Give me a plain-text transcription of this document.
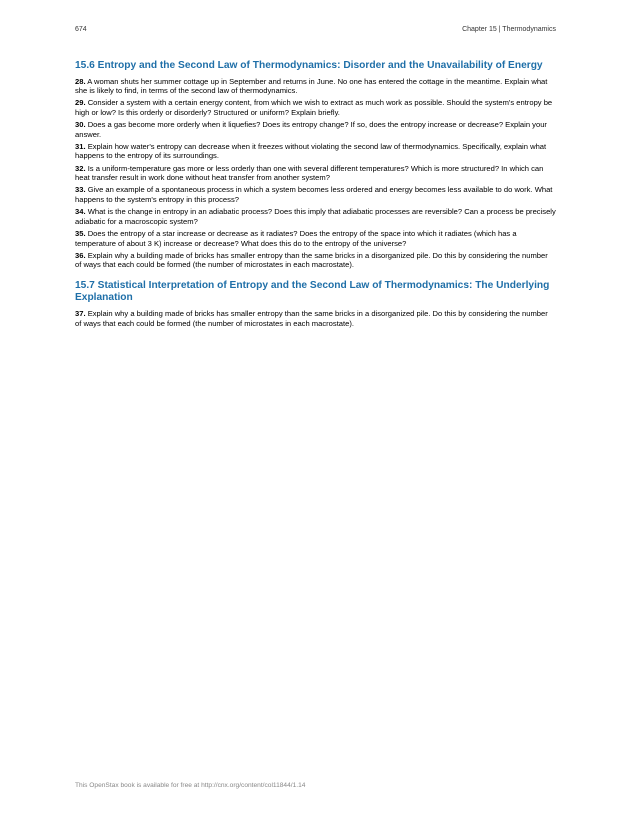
674	Chapter 15 | Thermodynamics
15.6 Entropy and the Second Law of Thermodynamics: Disorder and the Unavailability of Energy

28. A woman shuts her summer cottage up in September and returns in June. No one has entered the cottage in the meantime. Explain what she is likely to find, in terms of the second law of thermodynamics.

29. Consider a system with a certain energy content, from which we wish to extract as much work as possible. Should the system's entropy be high or low? Is this orderly or disorderly? Structured or uniform? Explain briefly.

30. Does a gas become more orderly when it liquefies? Does its entropy change? If so, does the entropy increase or decrease? Explain your answer.

31. Explain how water's entropy can decrease when it freezes without violating the second law of thermodynamics. Specifically, explain what happens to the entropy of its surroundings.

32. Is a uniform-temperature gas more or less orderly than one with several different temperatures? Which is more structured? In which can heat transfer result in work done without heat transfer from another system?

33. Give an example of a spontaneous process in which a system becomes less ordered and energy becomes less available to do work. What happens to the system's entropy in this process?

34. What is the change in entropy in an adiabatic process? Does this imply that adiabatic processes are reversible? Can a process be precisely adiabatic for a macroscopic system?

35. Does the entropy of a star increase or decrease as it radiates? Does the entropy of the space into which it radiates (which has a temperature of about 3 K) increase or decrease? What does this do to the entropy of the universe?

36. Explain why a building made of bricks has smaller entropy than the same bricks in a disorganized pile. Do this by considering the number of ways that each could be formed (the number of microstates in each macrostate).

15.7 Statistical Interpretation of Entropy and the Second Law of Thermodynamics: The Underlying Explanation

37. Explain why a building made of bricks has smaller entropy than the same bricks in a disorganized pile. Do this by considering the number of ways that each could be formed (the number of microstates in each macrostate).

This OpenStax book is available for free at http://cnx.org/content/col11844/1.14
